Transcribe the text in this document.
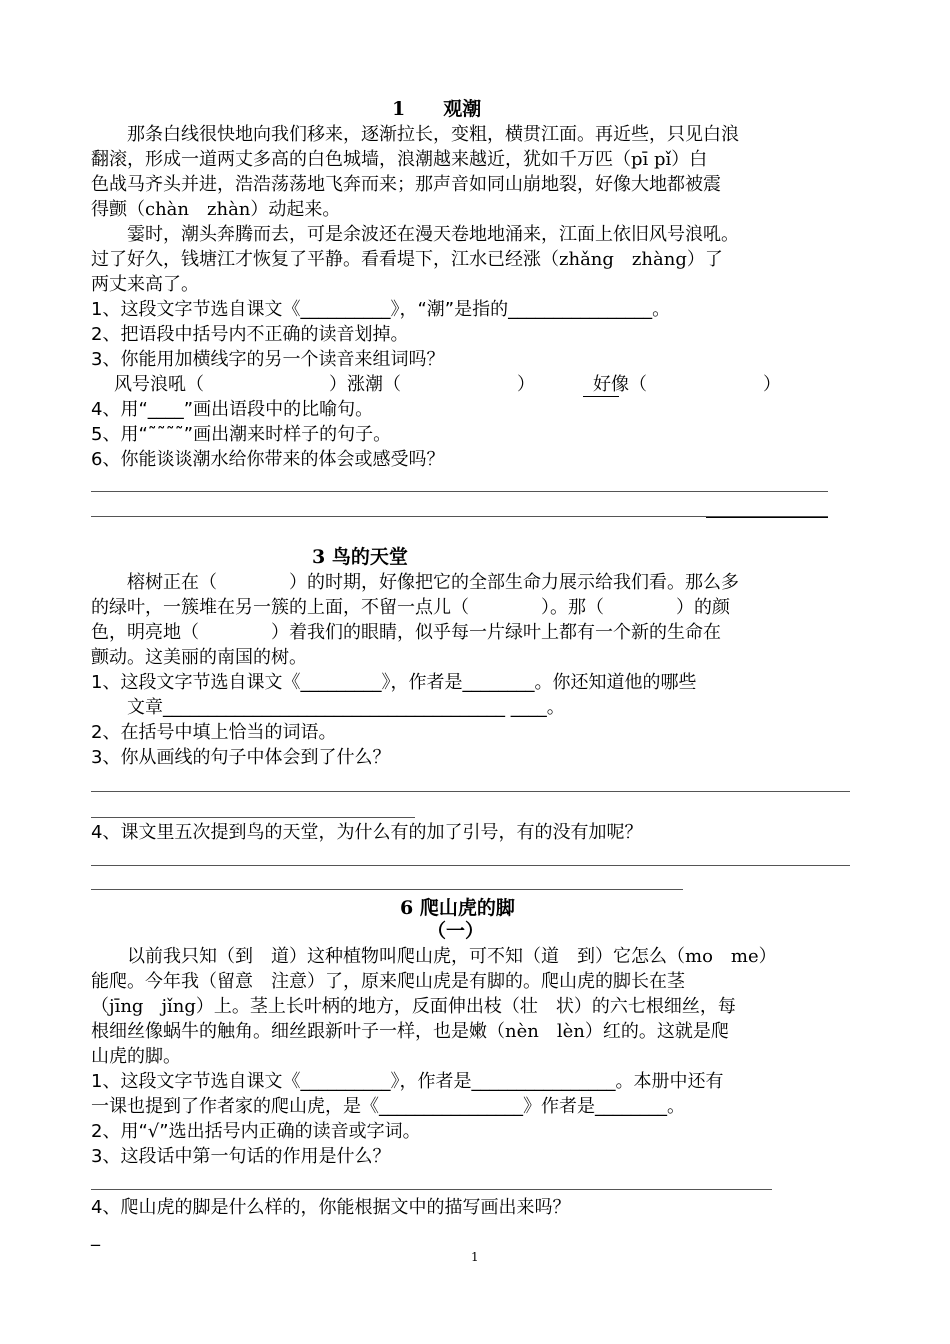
1　　观潮
　　那条白线很快地向我们移来，逐渐拉长，变粗，横贯江面。再近些，只见白浪
翻滚，形成一道两丈多高的白色城墙，浪潮越来越近，犹如千万匹（pī pǐ）白
色战马齐头并进，浩浩荡荡地飞奔而来；那声音如同山崩地裂，好像大地都被震
得颤（chàn　zhàn）动起来。
　　霎时，潮头奔腾而去，可是余波还在漫天卷地地涌来，江面上依旧风号浪吼。
过了好久，钱塘江才恢复了平静。看看堤下，江水已经涨（zhǎng　zhàng）了
两丈来高了。
1、这段文字节选自课文《__________》，“潮”是指的________________。
2、把语段中括号内不正确的读音划掉。
3、你能用加横线字的另一个读音来组词吗？
风号浪吼（	）涨潮（	）	好像（	）
4、用“____”画出语段中的比喻句。
5、用“˜˜˜˜”画出潮来时样子的句子。
6、你能谈谈潮水给你带来的体会或感受吗？
3 鸟的天堂
　　榕树正在（　　　　）的时期，好像把它的全部生命力展示给我们看。那么多
的绿叶，一簇堆在另一簇的上面，不留一点儿（　　　　）。那（　　　　）的颜
色，明亮地（　　　　）着我们的眼睛，似乎每一片绿叶上都有一个新的生命在
颤动。这美丽的南国的树。
1、这段文字节选自课文《_________》，作者是________。你还知道他的哪些
　　文章______________________________________ ____。
2、在括号中填上恰当的词语。
3、你从画线的句子中体会到了什么？
4、课文里五次提到鸟的天堂，为什么有的加了引号，有的没有加呢？
6 爬山虎的脚
（一）
　　以前我只知（到　道）这种植物叫爬山虎，可不知（道　到）它怎么（mo　me）
能爬。今年我（留意　注意）了，原来爬山虎是有脚的。爬山虎的脚长在茎
（jīng　jǐng）上。茎上长叶柄的地方，反面伸出枝（壮　状）的六七根细丝，每
根细丝像蜗牛的触角。细丝跟新叶子一样，也是嫩（nèn　lèn）红的。这就是爬
山虎的脚。
1、这段文字节选自课文《__________》，作者是________________。本册中还有
一课也提到了作者家的爬山虎，是《________________》作者是________。
2、用“√”选出括号内正确的读音或字词。
3、这段话中第一句话的作用是什么？
4、爬山虎的脚是什么样的，你能根据文中的描写画出来吗？
_
1
